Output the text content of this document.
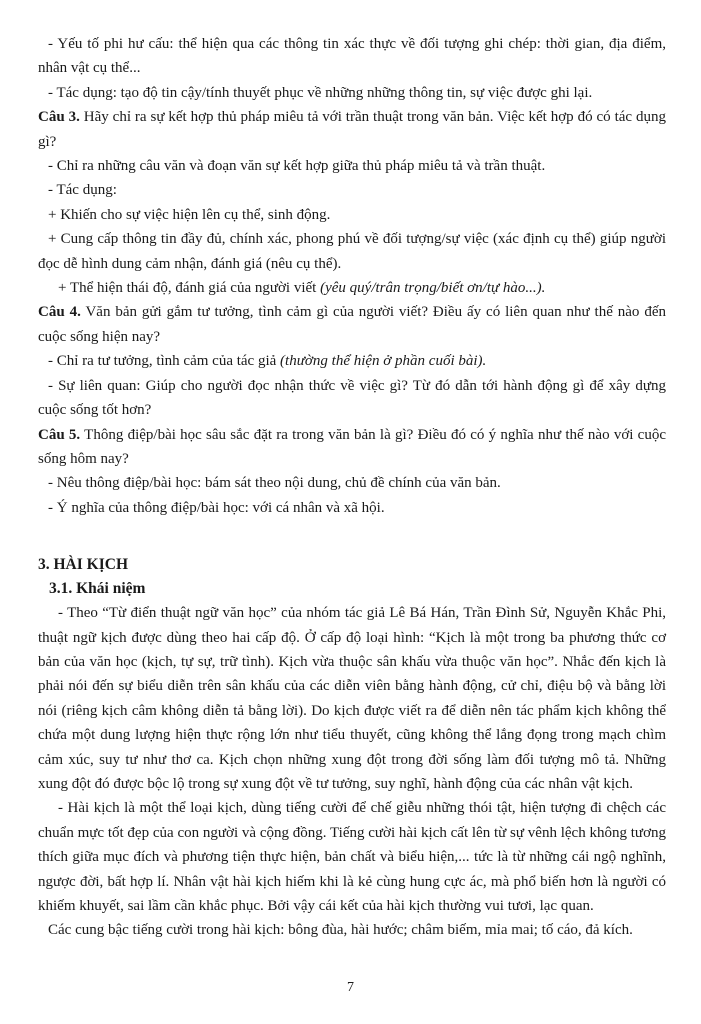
- Yếu tố phi hư cấu: thể hiện qua các thông tin xác thực về đối tượng ghi chép: thời gian, địa điểm, nhân vật cụ thể...

- Tác dụng: tạo độ tin cậy/tính thuyết phục về những những thông tin, sự việc được ghi lại.

Câu 3. Hãy chỉ ra sự kết hợp thủ pháp miêu tả với trần thuật trong văn bản. Việc kết hợp đó có tác dụng gì?

- Chỉ ra những câu văn và đoạn văn sự kết hợp giữa thủ pháp miêu tả và trần thuật.

- Tác dụng:

+ Khiến cho sự việc hiện lên cụ thể, sinh động.

+ Cung cấp thông tin đầy đủ, chính xác, phong phú về đối tượng/sự việc (xác định cụ thể) giúp người đọc dễ hình dung cảm nhận, đánh giá (nêu cụ thể).

+ Thể hiện thái độ, đánh giá của người viết (yêu quý/trân trọng/biết ơn/tự hào...).

Câu 4. Văn bản gửi gắm tư tưởng, tình cảm gì của người viết? Điều ấy có liên quan như thế nào đến cuộc sống hiện nay?

- Chỉ ra tư tưởng, tình cảm của tác giả (thường thể hiện ở phần cuối bài).

- Sự liên quan: Giúp cho người đọc nhận thức về việc gì? Từ đó dẫn tới hành động gì để xây dựng cuộc sống tốt hơn?

Câu 5. Thông điệp/bài học sâu sắc đặt ra trong văn bản là gì? Điều đó có ý nghĩa như thế nào với cuộc sống hôm nay?

- Nêu thông điệp/bài học: bám sát theo nội dung, chủ đề chính của văn bản.

- Ý nghĩa của thông điệp/bài học: với cá nhân và xã hội.

3. HÀI KỊCH
3.1. Khái niệm

- Theo “Từ điển thuật ngữ văn học” của nhóm tác giả Lê Bá Hán, Trần Đình Sử, Nguyễn Khắc Phi, thuật ngữ kịch được dùng theo hai cấp độ. Ở cấp độ loại hình: “Kịch là một trong ba phương thức cơ bản của văn học (kịch, tự sự, trữ tình). Kịch vừa thuộc sân khấu vừa thuộc văn học”. Nhắc đến kịch là phải nói đến sự biểu diễn trên sân khấu của các diễn viên bằng hành động, cử chỉ, điệu bộ và bằng lời nói (riêng kịch câm không diễn tả bằng lời). Do kịch được viết ra để diễn nên tác phẩm kịch không thể chứa một dung lượng hiện thực rộng lớn như tiểu thuyết, cũng không thể lắng đọng trong mạch chìm cảm xúc, suy tư như thơ ca. Kịch chọn những xung đột trong đời sống làm đối tượng mô tả. Những xung đột đó được bộc lộ trong sự xung đột về tư tưởng, suy nghĩ, hành động của các nhân vật kịch.

- Hài kịch là một thể loại kịch, dùng tiếng cười để chế giễu những thói tật, hiện tượng đi chệch các chuẩn mực tốt đẹp của con người và cộng đồng. Tiếng cười hài kịch cất lên từ sự vênh lệch không tương thích giữa mục đích và phương tiện thực hiện, bản chất và biểu hiện,... tức là từ những cái ngộ nghĩnh, ngược đời, bất hợp lí. Nhân vật hài kịch hiếm khi là kẻ cùng hung cực ác, mà phổ biến hơn là người có khiếm khuyết, sai lầm cần khắc phục. Bởi vậy cái kết của hài kịch thường vui tươi, lạc quan.

Các cung bậc tiếng cười trong hài kịch: bông đùa, hài hước; châm biếm, mỉa mai; tố cáo, đả kích.

7
